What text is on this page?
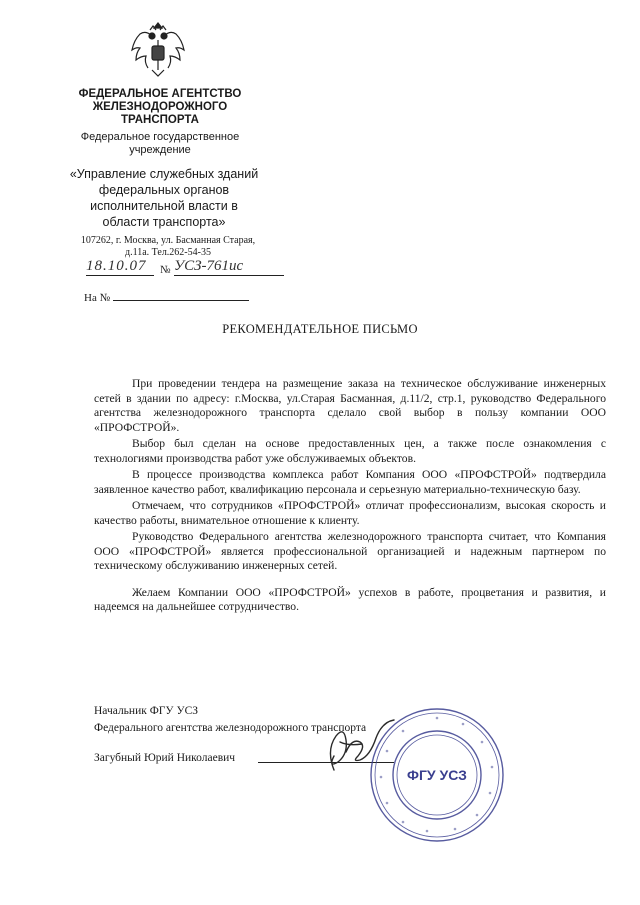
ФЕДЕРАЛЬНОЕ АГЕНТСТВО
ЖЕЛЕЗНОДОРОЖНОГО
ТРАНСПОРТА
Федеральное государственное
учреждение
«Управление служебных зданий
федеральных органов
исполнительной власти в
области транспорта»
107262, г. Москва, ул. Басманная Старая,
д.11а. Тел.262-54-35
18.10.07	№ УСЗ-761ис
На №
РЕКОМЕНДАТЕЛЬНОЕ ПИСЬМО

При проведении тендера на размещение заказа на техническое обслуживание инженерных сетей в здании по адресу: г.Москва, ул.Старая Басманная, д.11/2, стр.1, руководство Федерального агентства железнодорожного транспорта сделало свой выбор в пользу компании ООО «ПРОФСТРОЙ».

Выбор был сделан на основе предоставленных цен, а также после ознакомления с технологиями производства работ уже обслуживаемых объектов.

В процессе производства комплекса работ Компания ООО «ПРОФСТРОЙ» подтвердила заявленное качество работ, квалификацию персонала и серьезную материально-техническую базу.

Отмечаем, что сотрудников «ПРОФСТРОЙ» отличат профессионализм, высокая скорость и качество работы, внимательное отношение к клиенту.

Руководство Федерального агентства железнодорожного транспорта считает, что Компания ООО «ПРОФСТРОЙ» является профессиональной организацией и надежным партнером по техническому обслуживанию инженерных сетей.

Желаем Компании ООО «ПРОФСТРОЙ» успехов в работе, процветания и развития, и надеемся на дальнейшее сотрудничество.

Начальник ФГУ УСЗ
Федерального агентства железнодорожного транспорта
Загубный Юрий Николаевич
ФГУ УСЗ
